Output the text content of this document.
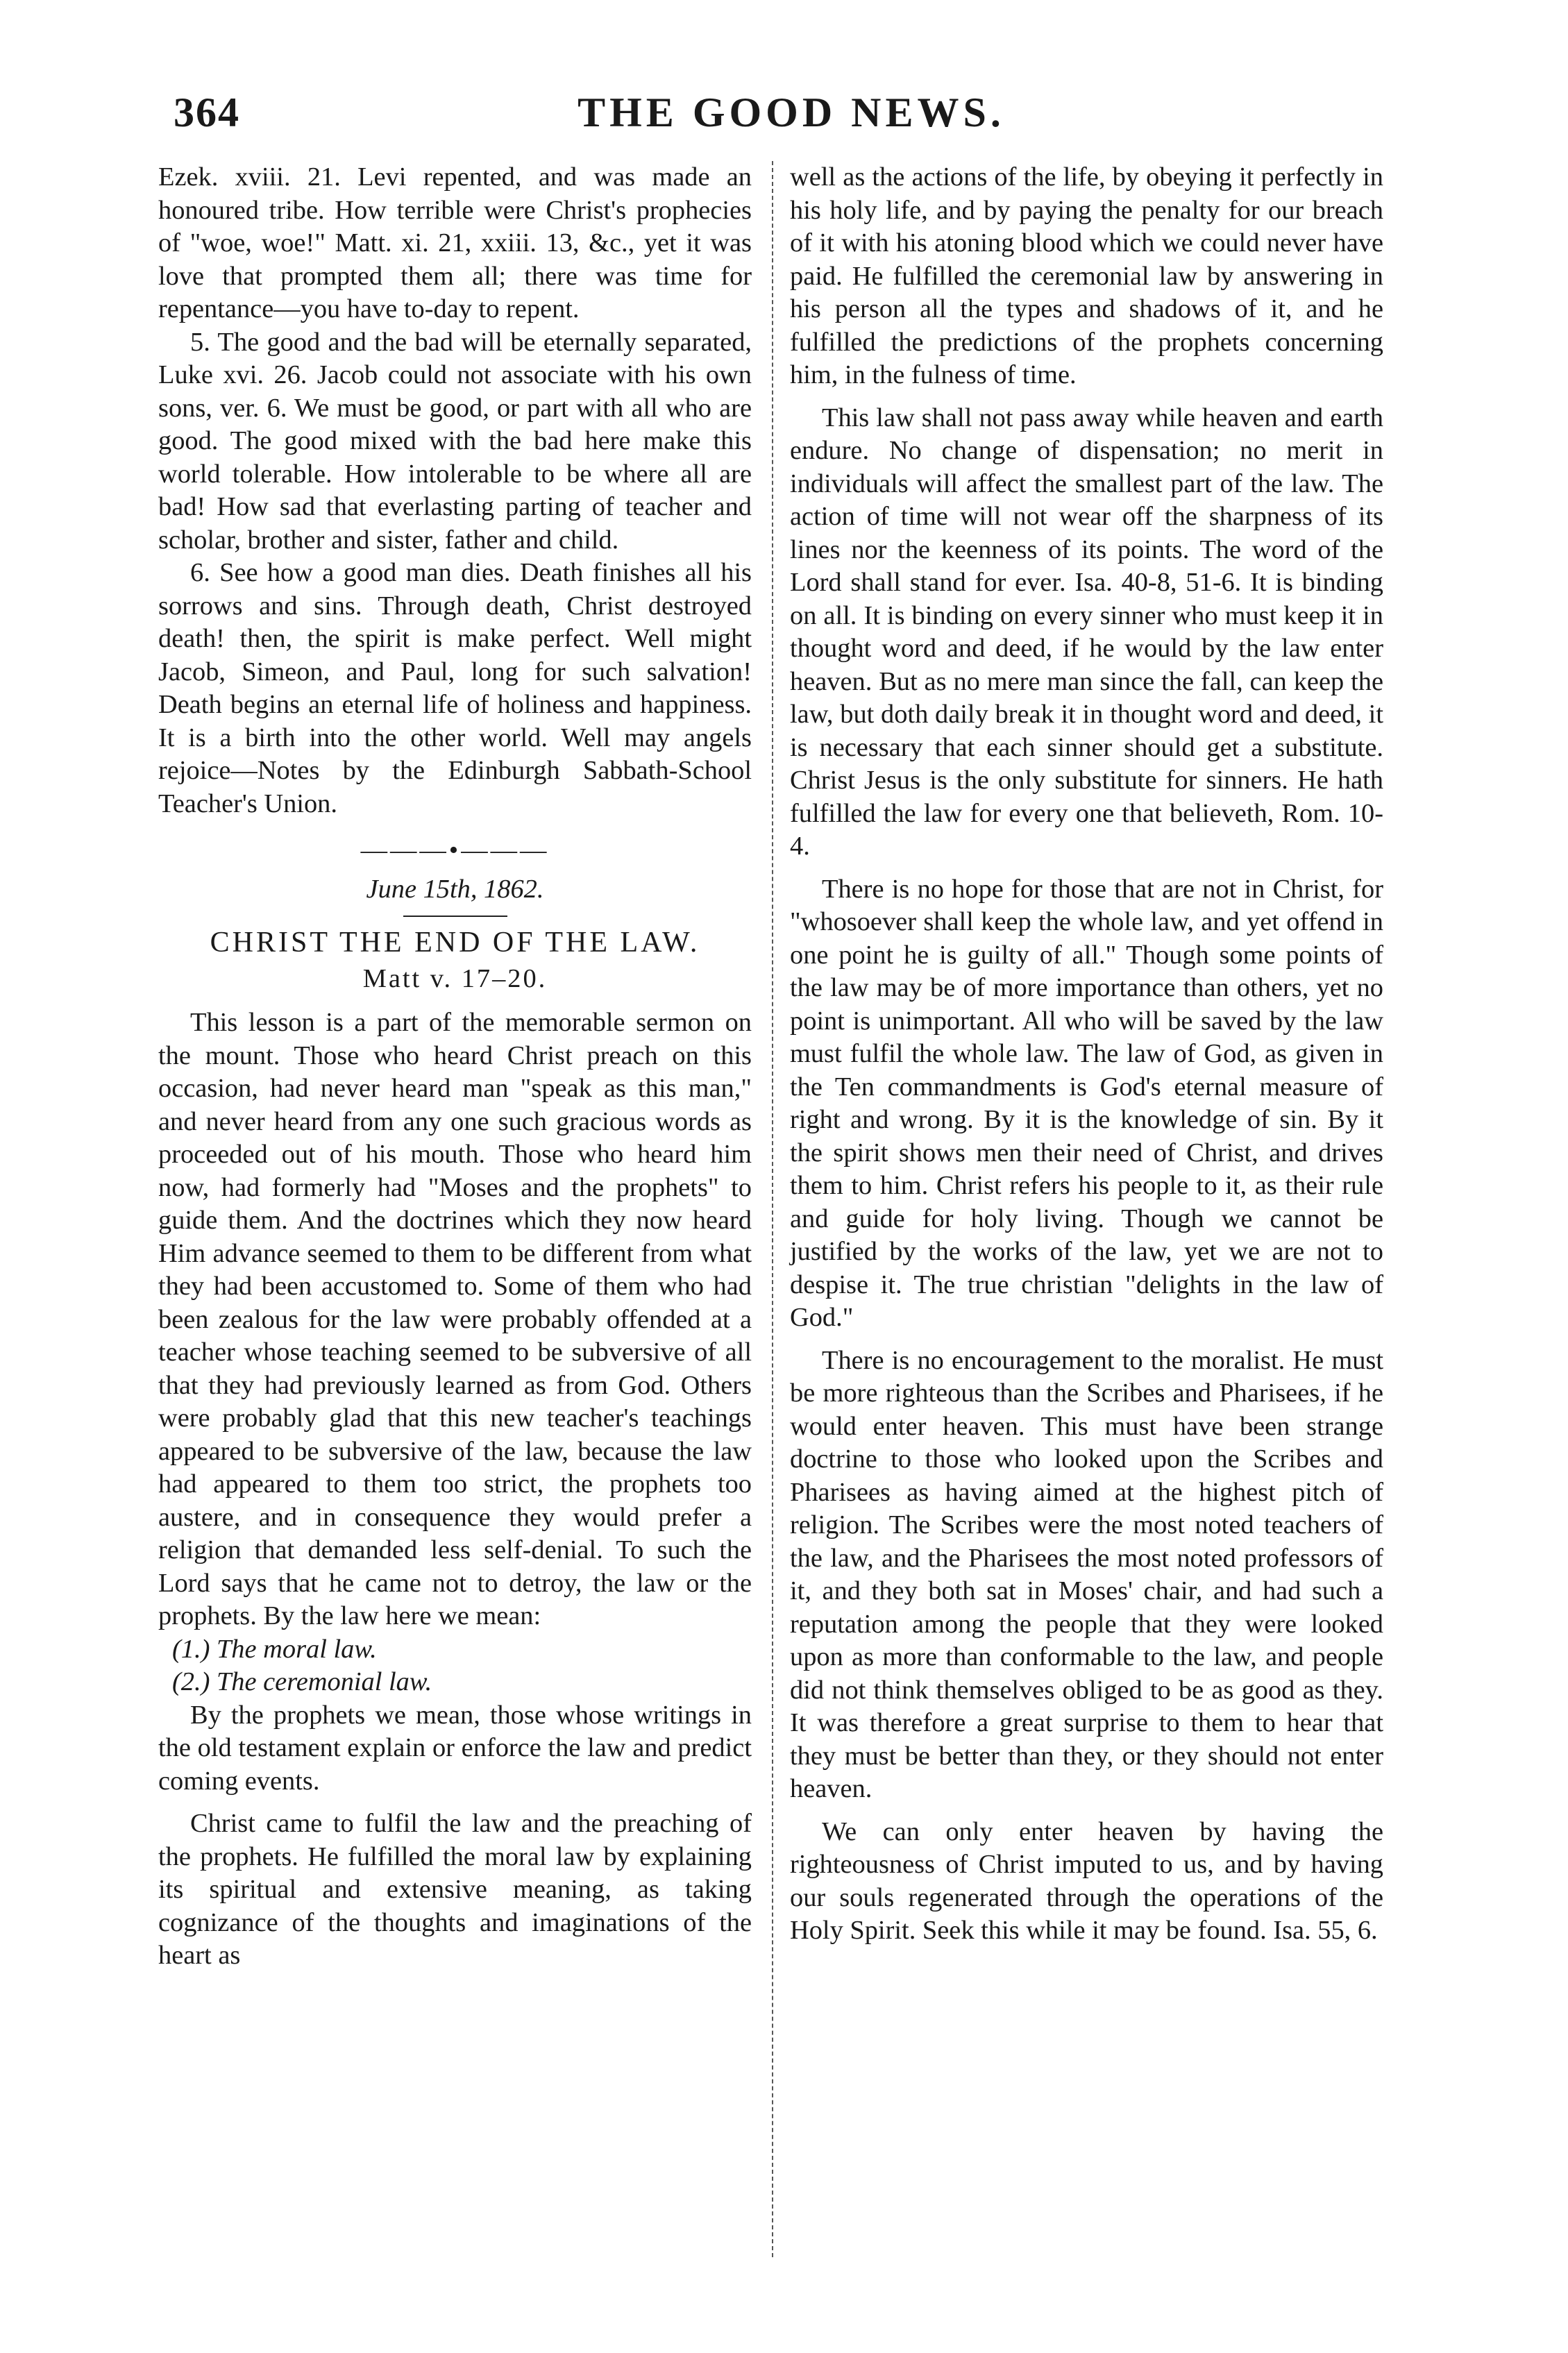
364	THE GOOD NEWS.

Ezek. xviii. 21. Levi repented, and was made an honoured tribe. How terrible were Christ's prophecies of "woe, woe!" Matt. xi. 21, xxiii. 13, &c., yet it was love that prompted them all; there was time for repentance—you have to-day to repent.

5. The good and the bad will be eternally separated, Luke xvi. 26. Jacob could not associate with his own sons, ver. 6. We must be good, or part with all who are good. The good mixed with the bad here make this world tolerable. How intolerable to be where all are bad! How sad that everlasting parting of teacher and scholar, brother and sister, father and child.

6. See how a good man dies. Death finishes all his sorrows and sins. Through death, Christ destroyed death! then, the spirit is make perfect. Well might Jacob, Simeon, and Paul, long for such salvation! Death begins an eternal life of holiness and happiness. It is a birth into the other world. Well may angels rejoice—Notes by the Edinburgh Sabbath-School Teacher's Union.

———•———
June 15th, 1862.
CHRIST THE END OF THE LAW.
Matt v. 17–20.

This lesson is a part of the memorable sermon on the mount. Those who heard Christ preach on this occasion, had never heard man "speak as this man," and never heard from any one such gracious words as proceeded out of his mouth. Those who heard him now, had formerly had "Moses and the prophets" to guide them. And the doctrines which they now heard Him advance seemed to them to be different from what they had been accustomed to. Some of them who had been zealous for the law were probably offended at a teacher whose teaching seemed to be subversive of all that they had previously learned as from God. Others were probably glad that this new teacher's teachings appeared to be subversive of the law, because the law had appeared to them too strict, the prophets too austere, and in consequence they would prefer a religion that demanded less self-denial. To such the Lord says that he came not to detroy, the law or the prophets. By the law here we mean:

(1.) The moral law.
(2.) The ceremonial law.

By the prophets we mean, those whose writings in the old testament explain or enforce the law and predict coming events.

Christ came to fulfil the law and the preaching of the prophets. He fulfilled the moral law by explaining its spiritual and extensive meaning, as taking cognizance of the thoughts and imaginations of the heart as

well as the actions of the life, by obeying it perfectly in his holy life, and by paying the penalty for our breach of it with his atoning blood which we could never have paid. He fulfilled the ceremonial law by answering in his person all the types and shadows of it, and he fulfilled the predictions of the prophets concerning him, in the fulness of time.

This law shall not pass away while heaven and earth endure. No change of dispensation; no merit in individuals will affect the smallest part of the law. The action of time will not wear off the sharpness of its lines nor the keenness of its points. The word of the Lord shall stand for ever. Isa. 40-8, 51-6. It is binding on all. It is binding on every sinner who must keep it in thought word and deed, if he would by the law enter heaven. But as no mere man since the fall, can keep the law, but doth daily break it in thought word and deed, it is necessary that each sinner should get a substitute. Christ Jesus is the only substitute for sinners. He hath fulfilled the law for every one that believeth, Rom. 10-4.

There is no hope for those that are not in Christ, for "whosoever shall keep the whole law, and yet offend in one point he is guilty of all." Though some points of the law may be of more importance than others, yet no point is unimportant. All who will be saved by the law must fulfil the whole law. The law of God, as given in the Ten commandments is God's eternal measure of right and wrong. By it is the knowledge of sin. By it the spirit shows men their need of Christ, and drives them to him. Christ refers his people to it, as their rule and guide for holy living. Though we cannot be justified by the works of the law, yet we are not to despise it. The true christian "delights in the law of God."

There is no encouragement to the moralist. He must be more righteous than the Scribes and Pharisees, if he would enter heaven. This must have been strange doctrine to those who looked upon the Scribes and Pharisees as having aimed at the highest pitch of religion. The Scribes were the most noted teachers of the law, and the Pharisees the most noted professors of it, and they both sat in Moses' chair, and had such a reputation among the people that they were looked upon as more than conformable to the law, and people did not think themselves obliged to be as good as they. It was therefore a great surprise to them to hear that they must be better than they, or they should not enter heaven.

We can only enter heaven by having the righteousness of Christ imputed to us, and by having our souls regenerated through the operations of the Holy Spirit. Seek this while it may be found. Isa. 55, 6.
